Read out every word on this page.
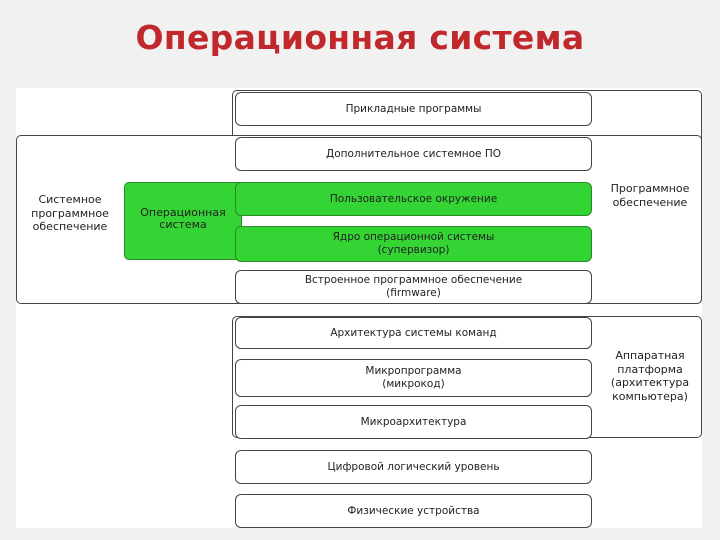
Операционная система
Прикладные программы
Дополнительное системное ПО
Пользовательское окружение
Ядро операционной системы
(супервизор)
Встроенное программное обеспечение
(firmware)
Архитектура системы команд
Микропрограмма
(микрокод)
Микроархитектура
Цифровой логический уровень
Физические устройства
Системное
программное
обеспечение
Операционная
система
Программное
обеспечение
Аппаратная
платформа
(архитектура
компьютера)
